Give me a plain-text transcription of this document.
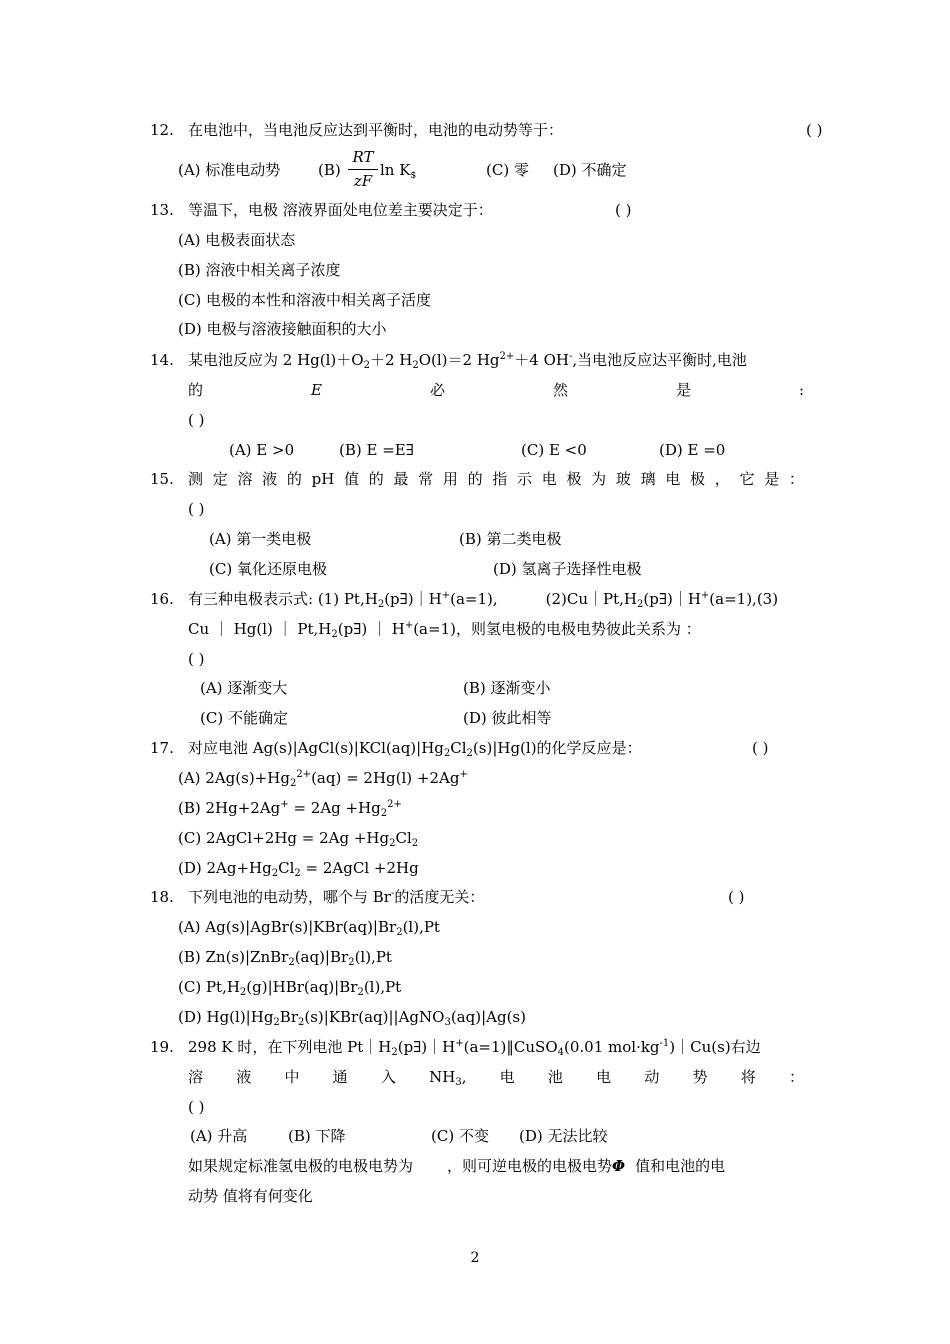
12. 在电池中，当电池反应达到平衡时，电池的电动势等于：	( )
(A) 标准电动势	(B)
RT
zF
$\ln K_{\$}$	(C) 零 (D) 不确定
13. 等温下，电极 溶液界面处电位差主要决定于：	( )
(A) 电极表面状态
(B) 溶液中相关离子浓度
(C) 电极的本性和溶液中相关离子活度
(D) 电极与溶液接触面积的大小
14. 某电池反应为 2 $Hg(l)+O_2+2$ $H_2O(l)=2$ $Hg^{2+}+4$ OH-,当电池反应达平衡时,电池
的	E	必	然	是	:
( )
(A) E >0	(B) E =E∃	(C) E <0	(D) E =0
15. 测 定 溶 液 的 pH 值 的 最 常 用 的 指 示 电 极 为 玻 璃 电 极 ， 它 是 ：
( )
(A) 第一类电极	(B) 第二类电极
(C) 氧化还原电极	(D) 氢离子选择性电极
16. 有三种电极表示式: (1) $Pt,H_2(p\exists)|H^+(a=1)$,	$(2)Cu|Pt,H_2(p\exists)|H^+(a=1),(3)$
Cu ｜ Hg(l) ｜ $Pt,H_2(p\exists)$ ｜ H+(a=1)，则氢电极的电极电势彼此关系为 ：
( )
(A) 逐渐变大	(B) 逐渐变小
(C) 不能确定	(D) 彼此相等
17. 对应电池 $Ag(s)|AgCl(s)|KCl(aq)|Hg_2Cl_2(s)|Hg(l)$的化学反应是：	( )
(A) $2Ag(s)+Hg_2^{2+}(aq) = 2Hg(l) +2Ag^+$
(B) $2Hg+2Ag^+ = 2Ag +Hg_2^{2+}$
(C) 2AgCl+2Hg = $2Ag +Hg_2Cl_2$
(D) $2Ag+Hg_2Cl_2$ = 2AgCl +2Hg
18. 下列电池的电动势，哪个与 Br-的活度无关：	( )
(A) $Ag(s)|AgBr(s)|KBr(aq)|Br_2(l),Pt$
(B) $Zn(s)|ZnBr_2(aq)|Br_2(l),Pt$
(C) $Pt,H_2(g)|HBr(aq)|Br_2(l),Pt$
(D) $Hg(l)|Hg_2Br_2(s)|KBr(aq)||AgNO_3(aq)|Ag(s)$
19. 298 K 时，在下列电池 $Pt|H_2(p\exists)|H^+(a=1)‖CuSO_4(0.01$ $mol\cdot kg^{-1})|Cu(s)$右边
溶 液 中 通 入 $NH_3$, 电 池 电 动 势 将 ：
( )
(A) 升高	(B) 下降	(C) 不变 (D) 无法比较
如果规定标准氢电极的电极电势为 ，则可逆电极的电极电势Φ 值和电池的电
动势 值将有何变化
2
